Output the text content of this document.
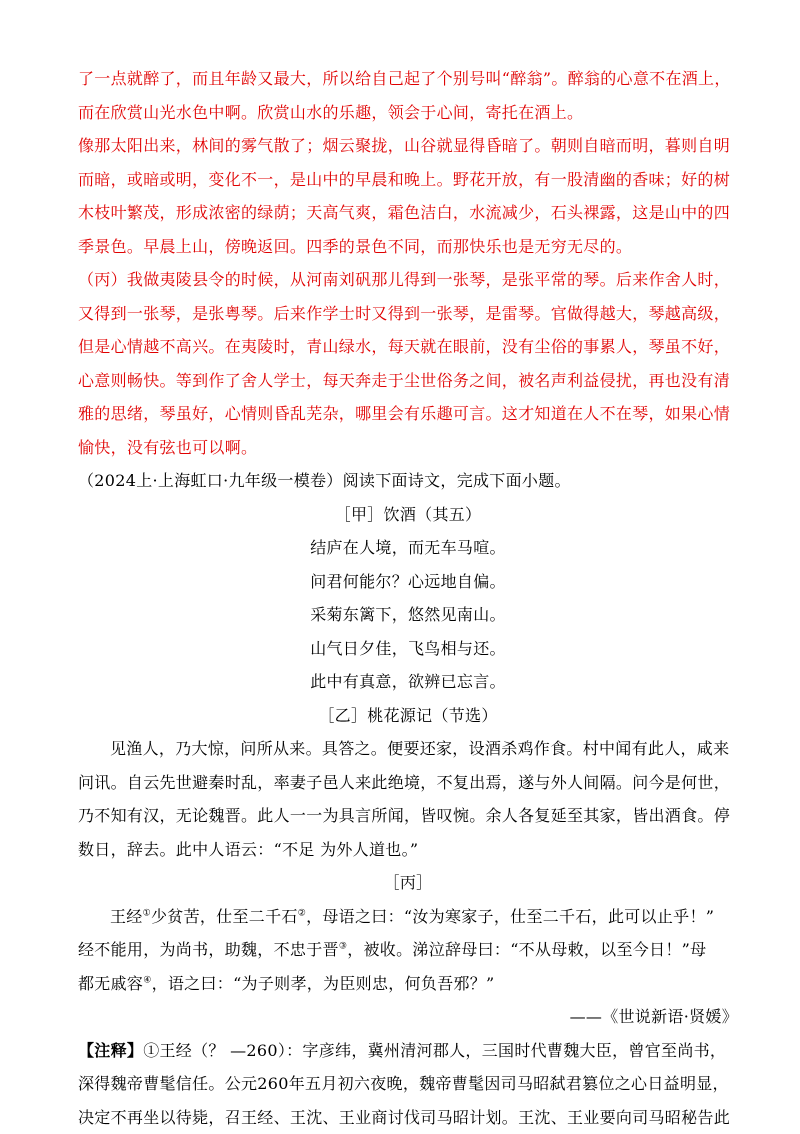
了一点就醉了，而且年龄又最大，所以给自己起了个别号叫“醉翁”。醉翁的心意不在酒上，
而在欣赏山光水色中啊。欣赏山水的乐趣，领会于心间，寄托在酒上。
像那太阳出来，林间的雾气散了；烟云聚拢，山谷就显得昏暗了。朝则自暗而明，暮则自明
而暗，或暗或明，变化不一，是山中的早晨和晚上。野花开放，有一股清幽的香味；好的树
木枝叶繁茂，形成浓密的绿荫；天高气爽，霜色洁白，水流减少，石头裸露，这是山中的四
季景色。早晨上山，傍晚返回。四季的景色不同，而那快乐也是无穷无尽的。
（丙）我做夷陵县令的时候，从河南刘矾那儿得到一张琴，是张平常的琴。后来作舍人时，
又得到一张琴，是张粤琴。后来作学士时又得到一张琴，是雷琴。官做得越大，琴越高级，
但是心情越不高兴。在夷陵时，青山绿水，每天就在眼前，没有尘俗的事累人，琴虽不好，
心意则畅快。等到作了舍人学士，每天奔走于尘世俗务之间，被名声利益侵扰，再也没有清
雅的思绪，琴虽好，心情则昏乱芜杂，哪里会有乐趣可言。这才知道在人不在琴，如果心情
愉快，没有弦也可以啊。
（2024上·上海虹口·九年级一模卷）阅读下面诗文，完成下面小题。
［甲］饮酒（其五）
结庐在人境，而无车马喧。
问君何能尔？心远地自偏。
采菊东篱下，悠然见南山。
山气日夕佳，飞鸟相与还。
此中有真意，欲辨已忘言。
［乙］桃花源记（节选）
见渔人，乃大惊，问所从来。具答之。便要还家，设酒杀鸡作食。村中闻有此人，咸来
问讯。自云先世避秦时乱，率妻子邑人来此绝境，不复出焉，遂与外人间隔。问今是何世，
乃不知有汉，无论魏晋。此人一一为具言所闻，皆叹惋。余人各复延至其家，皆出酒食。停
数日，辞去。此中人语云：“不足 为外人道也。”
［丙］
王经①少贫苦，仕至二千石②，母语之曰：“汝为寒家子，仕至二千石，此可以止乎！”
经不能用，为尚书，助魏，不忠于晋③，被收。涕泣辞母曰：“不从母敕，以至今日！”母
都无戚容④，语之曰：“为子则孝，为臣则忠，何负吾邪？”
——《世说新语·贤媛》
【注释】①王经（？ —260）：字彦纬，冀州清河郡人，三国时代曹魏大臣，曾官至尚书，
深得魏帝曹髦信任。公元260年五月初六夜晚，魏帝曹髦因司马昭弑君篡位之心日益明显，
决定不再坐以待毙，召王经、王沈、王业商讨伐司马昭计划。王沈、王业要向司马昭秘告此
